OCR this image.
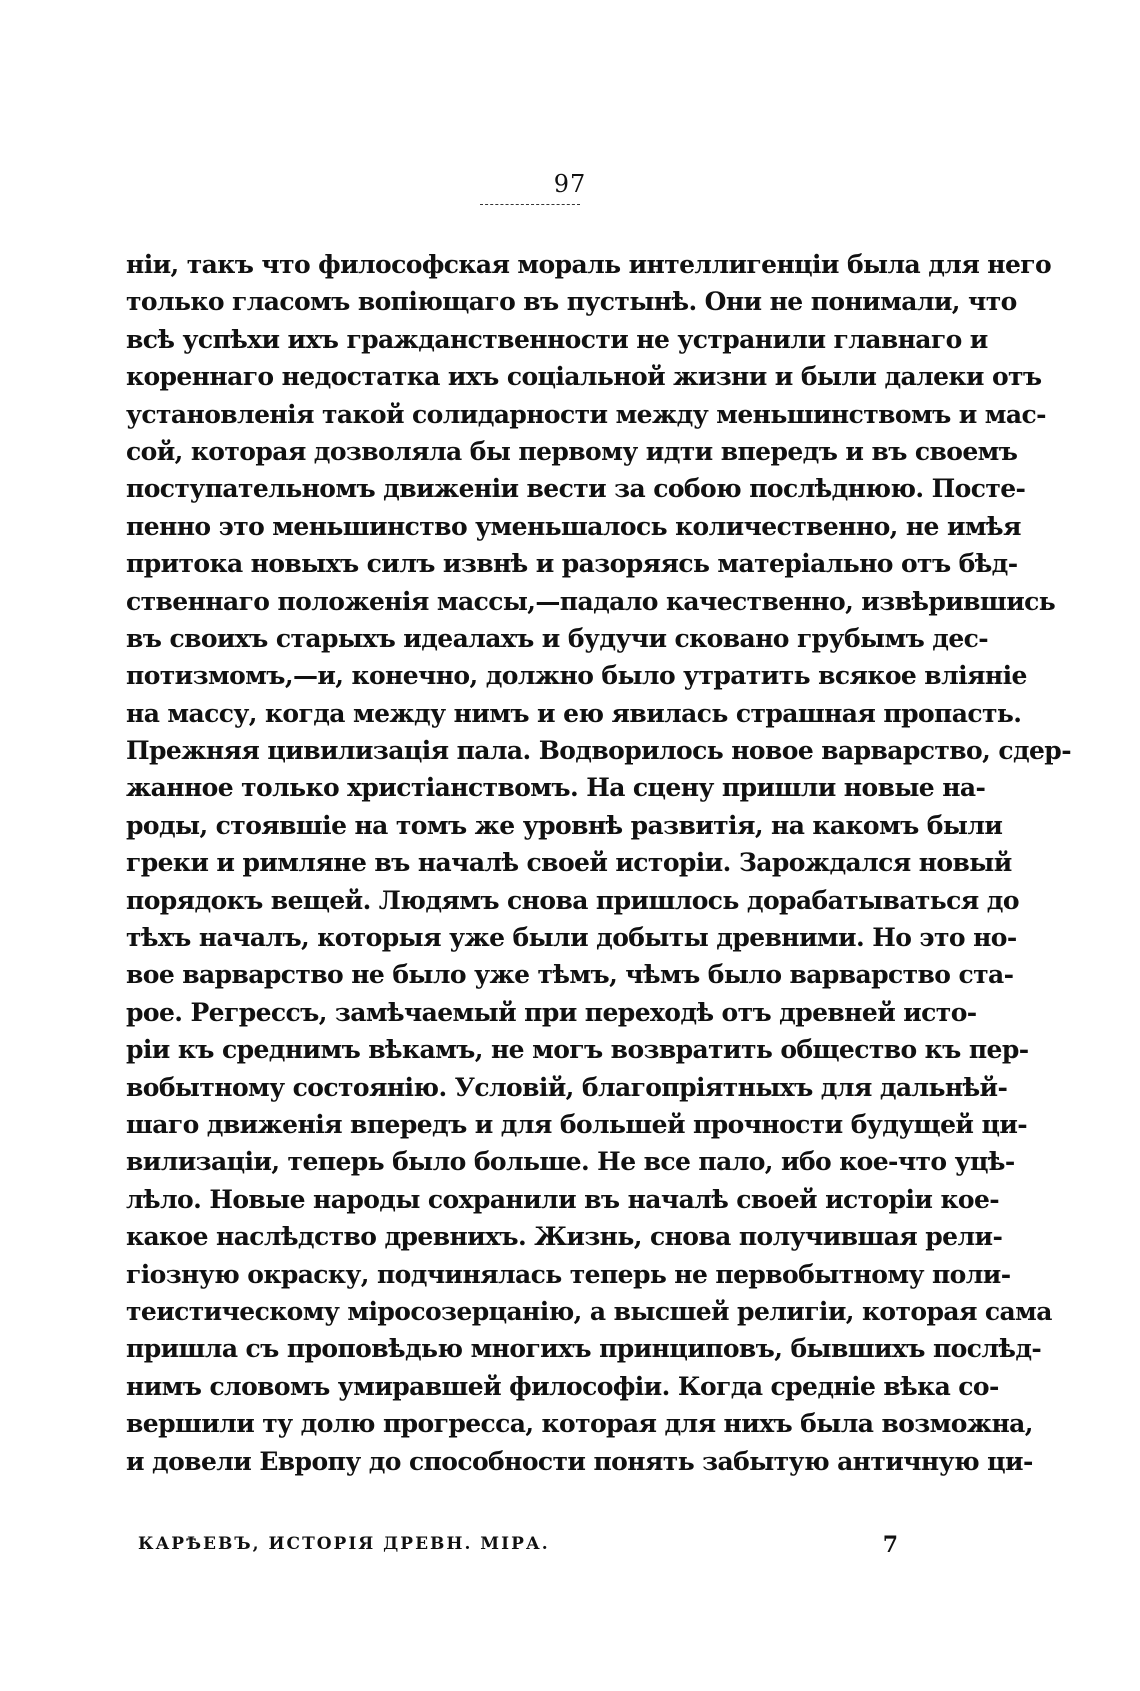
97
ніи, такъ что философская мораль интеллигенціи была для него
только гласомъ вопіющаго въ пустынѣ. Они не понимали, что
всѣ успѣхи ихъ гражданственности не устранили главнаго и
кореннаго недостатка ихъ соціальной жизни и были далеки отъ
установленія такой солидарности между меньшинствомъ и мас-
сой, которая дозволяла бы первому идти впередъ и въ своемъ
поступательномъ движеніи вести за собою послѣднюю. Посте-
пенно это меньшинство уменьшалось количественно, не имѣя
притока новыхъ силъ извнѣ и разоряясь матеріально отъ бѣд-
ственнаго положенія массы,—падало качественно, извѣрившись
въ своихъ старыхъ идеалахъ и будучи сковано грубымъ дес-
потизмомъ,—и, конечно, должно было утратить всякое вліяніе
на массу, когда между нимъ и ею явилась страшная пропасть.
Прежняя цивилизація пала. Водворилось новое варварство, сдер-
жанное только христіанствомъ. На сцену пришли новые на-
роды, стоявшіе на томъ же уровнѣ развитія, на какомъ были
греки и римляне въ началѣ своей исторіи. Зарождался новый
порядокъ вещей. Людямъ снова пришлось дорабатываться до
тѣхъ началъ, которыя уже были добыты древними. Но это но-
вое варварство не было уже тѣмъ, чѣмъ было варварство ста-
рое. Регрессъ, замѣчаемый при переходѣ отъ древней исто-
ріи къ среднимъ вѣкамъ, не могъ возвратить общество къ пер-
вобытному состоянію. Условій, благопріятныхъ для дальнѣй-
шаго движенія впередъ и для большей прочности будущей ци-
вилизаціи, теперь было больше. Не все пало, ибо кое-что уцѣ-
лѣло. Новые народы сохранили въ началѣ своей исторіи кое-
какое наслѣдство древнихъ. Жизнь, снова получившая рели-
гіозную окраску, подчинялась теперь не первобытному поли-
теистическому міросозерцанію, а высшей религіи, которая сама
пришла съ проповѣдью многихъ принциповъ, бывшихъ послѣд-
нимъ словомъ умиравшей философіи. Когда средніе вѣка со-
вершили ту долю прогресса, которая для нихъ была возможна,
и довели Европу до способности понять забытую античную ци-
КАРѢЕВЪ, ИСТОРІЯ ДРЕВН. МІРА.	7
